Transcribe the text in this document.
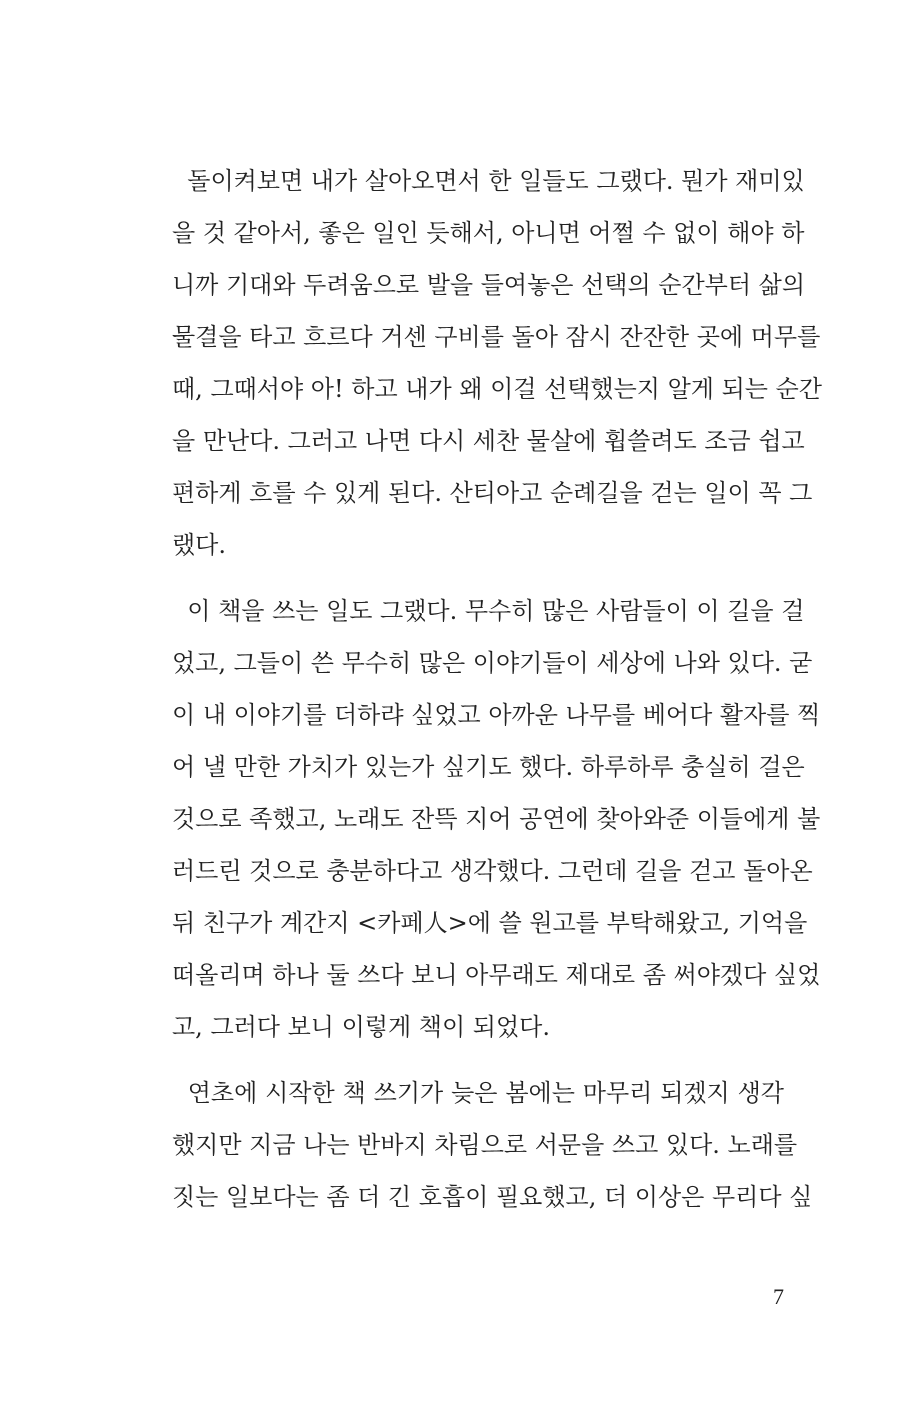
돌이켜보면 내가 살아오면서 한 일들도 그랬다. 뭔가 재미있
을 것 같아서, 좋은 일인 듯해서, 아니면 어쩔 수 없이 해야 하
니까 기대와 두려움으로 발을 들여놓은 선택의 순간부터 삶의
물결을 타고 흐르다 거센 구비를 돌아 잠시 잔잔한 곳에 머무를
때, 그때서야 아! 하고 내가 왜 이걸 선택했는지 알게 되는 순간
을 만난다. 그러고 나면 다시 세찬 물살에 휩쓸려도 조금 쉽고
편하게 흐를 수 있게 된다. 산티아고 순례길을 걷는 일이 꼭 그
랬다.
이 책을 쓰는 일도 그랬다. 무수히 많은 사람들이 이 길을 걸
었고, 그들이 쓴 무수히 많은 이야기들이 세상에 나와 있다. 굳
이 내 이야기를 더하랴 싶었고 아까운 나무를 베어다 활자를 찍
어 낼 만한 가치가 있는가 싶기도 했다. 하루하루 충실히 걸은
것으로 족했고, 노래도 잔뜩 지어 공연에 찾아와준 이들에게 불
러드린 것으로 충분하다고 생각했다. 그런데 길을 걷고 돌아온
뒤 친구가 계간지 <카페人>에 쓸 원고를 부탁해왔고, 기억을
떠올리며 하나 둘 쓰다 보니 아무래도 제대로 좀 써야겠다 싶었
고, 그러다 보니 이렇게 책이 되었다.
연초에 시작한 책 쓰기가 늦은 봄에는 마무리 되겠지 생각
했지만 지금 나는 반바지 차림으로 서문을 쓰고 있다. 노래를
짓는 일보다는 좀 더 긴 호흡이 필요했고, 더 이상은 무리다 싶
7
